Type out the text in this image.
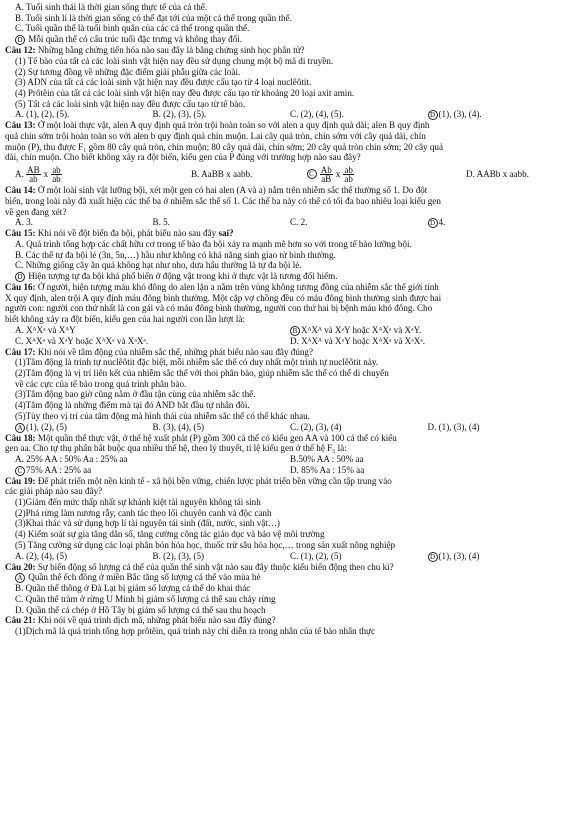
A. Tuổi sinh thái là thời gian sống thực tế của cá thể.
B. Tuổi sinh lí là thời gian sống có thể đạt tới của một cá thể trong quần thể.
C. Tuổi quần thể là tuổi bình quân của các cá thể trong quần thể.
D Mỗi quần thể có cấu trúc tuổi đặc trưng và không thay đổi.
Câu 12: Những bằng chứng tiến hóa nào sau đây là bằng chứng sinh học phân tử?
(1) Tế bào của tất cả các loài sinh vật hiện nay đều sử dụng chung một bộ mã di truyền.
(2) Sự tương đồng về những đặc điểm giải phẫu giữa các loài.
(3) ADN của tất cả các loài sinh vật hiện nay đều được cấu tạo từ 4 loại nuclêôtit.
(4) Prôtêin của tất cả các loài sinh vật hiện nay đều được cấu tạo từ khoảng 20 loại axit amin.
(5) Tất cả các loài sinh vật hiện nay đều được cấu tạo từ tế bào.
A. (1), (2), (5).	B. (2), (3), (5).	C. (2), (4), (5).	D (1), (3), (4).
Câu 13: Ở một loài thực vật, alen A quy định quả tròn trội hoàn toàn so với alen a quy định quả dài; alen B quy định
quả chín sớm trội hoàn toàn so với alen b quy định quả chín muộn. Lai cây quả tròn, chín sớm với cây quả dài, chín
muộn (P), thu được F₁ gồm 80 cây quả tròn, chín muộn; 80 cây quả dài, chín sớm; 20 cây quả tròn chín sớm; 20 cây quả
dài, chín muộn. Cho biết không xảy ra đột biến, kiểu gen của P đúng với trường hợp nào sau đây?
A.
$\frac{AB}{ab}$ x $\frac{ab}{ab}$	B. AaBB x aabb.	C
$\frac{Ab}{aB}$ x $\frac{ab}{ab}$	D. AABb x aabb.
Câu 14: Ở một loài sinh vật lưỡng bội, xét một gen có hai alen (A và a) nằm trên nhiễm sắc thể thường số 1. Do đột
biến, trong loài này đã xuất hiện các thể ba ở nhiễm sắc thể số 1. Các thể ba này có thể có tối đa bao nhiêu loại kiểu gen
về gen đang xét?
A. 3.	B. 5.	C. 2.	D 4.
Câu 15: Khi nói về đột biến đa bội, phát biểu nào sau đây sai?
A. Quá trình tổng hợp các chất hữu cơ trong tế bào đa bội xảy ra mạnh mẽ hơn so với trong tế bào lưỡng bội.
B. Các thể tự đa bội lẻ (3n, 5n,…) hầu như không có khả năng sinh giao tử bình thường.
C. Những giống cây ăn quả không hạt như nho, dưa hấu thường là tự đa bội lẻ.
D Hiện tượng tự đa bội khá phổ biến ở động vật trong khi ở thực vật là tương đối hiếm.
Câu 16: Ở người, hiện tượng máu khó đông do alen lặn a nằm trên vùng không tương đồng của nhiễm sắc thể giới tính
X quy định, alen trội A quy định máu đông bình thường. Một cặp vợ chồng đều có máu đông bình thường sinh được hai
người con: người con thứ nhất là con gái và có máu đông bình thường, người con thứ hai bị bệnh máu khó đông. Cho
biết không xảy ra đột biến, kiểu gen của hai người con lần lượt là:
A. XᴬXᵃ và XᴬY	B XᴬXᴬ và XᵃY hoặc XᴬXᵃ và XᵃY.
C. XᴬXᵃ và XᵃY hoặc XᴬXᵃ và XᵃXᵃ.	D. XᴬXᴬ và XᵃY hoặc XᴬXᵃ và XᵃXᵃ.
Câu 17: Khi nói về tâm động của nhiễm sắc thể, những phát biểu nào sau đây đúng?
(1)Tâm động là trình tự nuclêôtit đặc biệt, mỗi nhiễm sắc thể có duy nhất một trình tự nuclêôtit này.
(2)Tâm động là vị trí liên kết của nhiễm sắc thể với thoi phân bào, giúp nhiễm sắc thể có thể di chuyển
về các cực của tế bào trong quá trình phân bào.
(3)Tâm động bao giờ cũng nằm ở đầu tận cùng của nhiễm sắc thể.
(4)Tâm động là những điểm mà tại đó AND bắt đầu tự nhân đôi.
(5)Tùy theo vị trí của tâm động mà hình thái của nhiễm sắc thể có thể khác nhau.
A (1), (2), (5)	B. (3), (4), (5)	C. (2), (3), (4)	D. (1), (3), (4)
Câu 18: Một quần thể thực vật, ở thế hệ xuất phát (P) gồm 300 cá thể có kiểu gen AA và 100 cá thể có kiểu
gen aa. Cho tự thụ phấn bắt buộc qua nhiều thế hệ, theo lý thuyết, tỉ lệ kiểu gen ở thế hệ F₅ là:
A. 25% AA : 50% Aa : 25% aa	B.50% AA : 50% aa
C 75% AA : 25% aa	D. 85% Aa : 15% aa
Câu 19: Để phát triển một nền kinh tế - xã hội bền vững, chiến lược phát triển bền vững cần tập trung vào
các giải pháp nào sau đây?
(1)Giảm đến mức thấp nhất sự khánh kiệt tài nguyên không tái sinh
(2)Phá rừng làm nương rẫy, canh tác theo lối chuyên canh và độc canh
(3)Khai thác và sử dụng hợp lí tài nguyên tái sinh (đất, nước, sinh vật…)
(4) Kiểm soát sự gia tăng dân số, tăng cường công tác giáo dục và bảo vệ môi trường
(5) Tăng cường sử dụng các loại phân bón hóa học, thuốc trừ sâu hóa học,… trong sản xuất nông nghiệp
A. (2), (4), (5)	B. (2), (3), (5)	C. (1), (2), (5)	D (1), (3), (4)
Câu 20: Sự biến động số lượng cá thể của quần thể sinh vật nào sau đây thuộc kiểu biến động theo chu kì?
A Quần thể ếch đồng ở miền Bắc tăng số lượng cá thể vào mùa hè
B. Quần thể thông ở Đà Lạt bị giảm số lượng cá thể do khai thác
C. Quần thể tràm ở rừng U Minh bị giảm số lượng cá thể sau cháy rừng
D. Quần thể cá chép ở Hồ Tây bị giảm số lượng cá thể sau thu hoạch
Câu 21: Khi nói về quá trình dịch mã, những phát biểu nào sau đây đúng?
(1)Dịch mã là quá trình tổng hợp prôtêin, quá trình này chỉ diễn ra trong nhân của tế bào nhân thực
